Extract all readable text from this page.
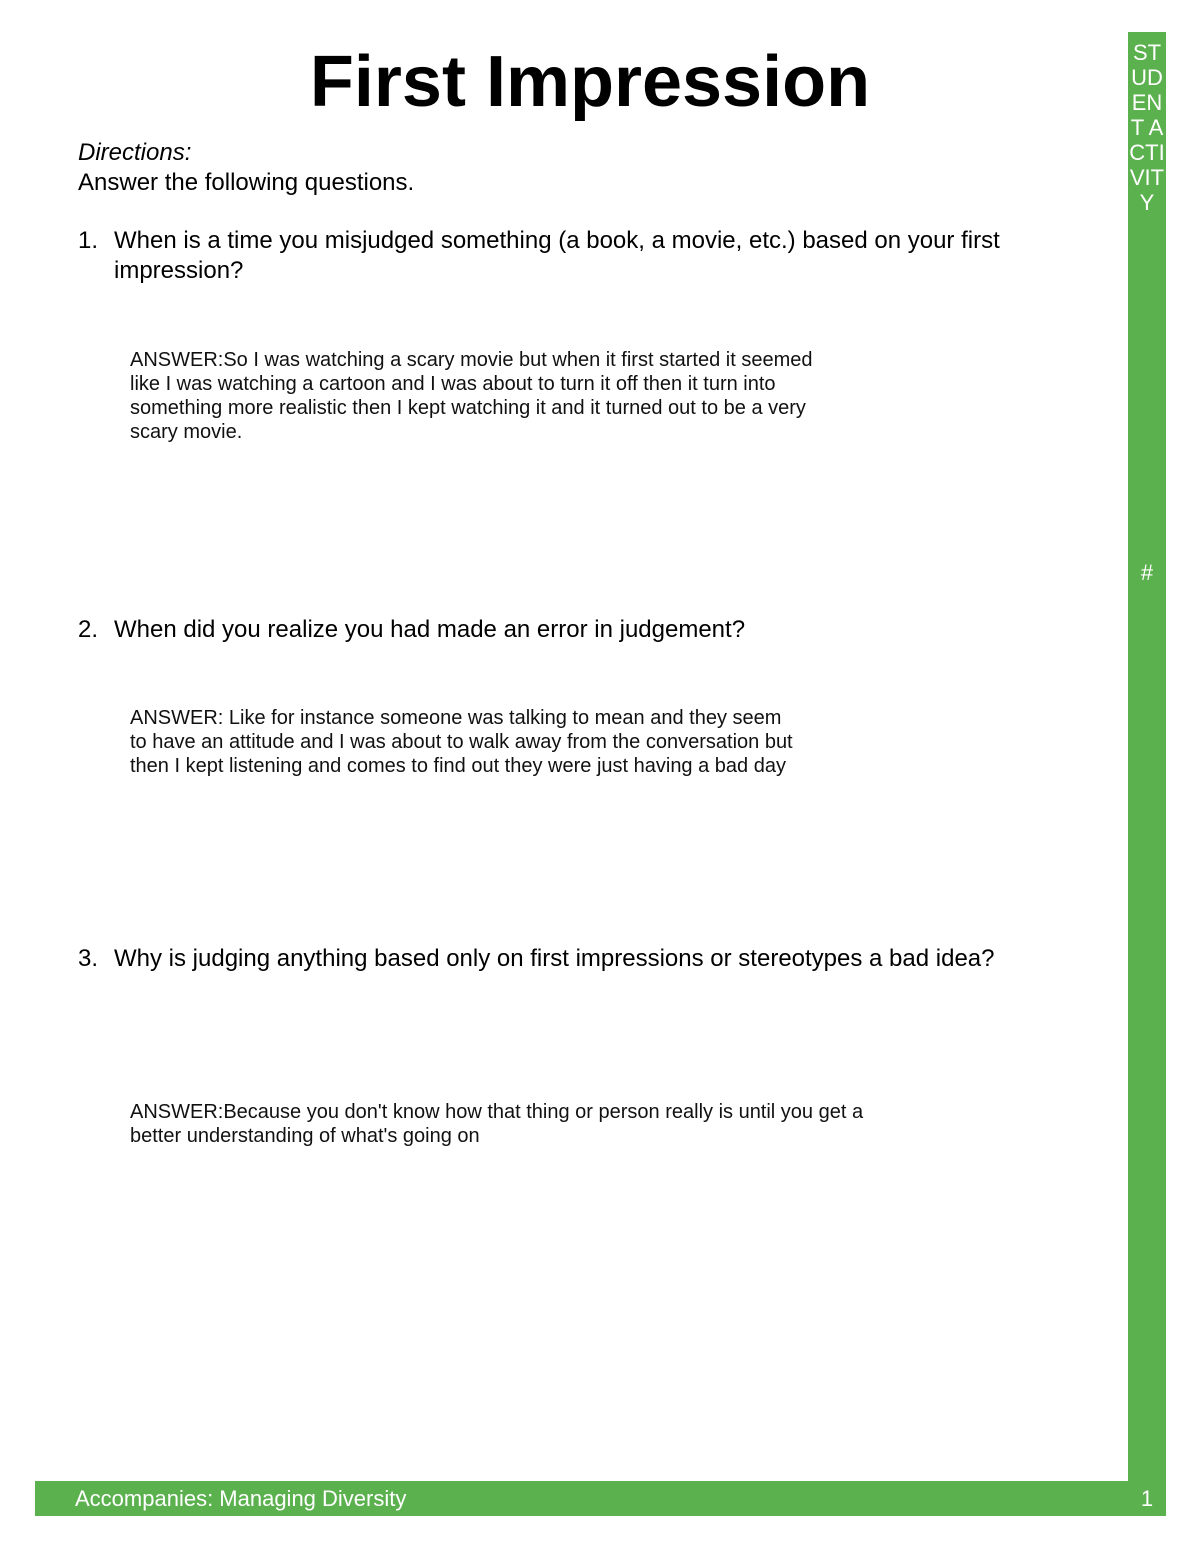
First Impression
Directions:
Answer the following questions.
1. When is a time you misjudged something (a book, a movie, etc.) based on your first impression?
ANSWER:So I was watching a scary movie but when it first started it seemed
like I was watching a cartoon and I was about to turn it off then it turn into
something more realistic then I kept watching it and it turned out to be a very
scary movie.
2. When did you realize you had made an error in judgement?
ANSWER: Like for instance someone was talking to mean and they seem
to have an attitude and I was about to walk away from the conversation but
then I kept listening and comes to find out they were just having a bad day
3. Why is judging anything based only on first impressions or stereotypes a bad idea?
ANSWER:Because you don't know how that thing or person really is until you get a
better understanding of what's going on
STUDENT ACTIVITY
#
Accompanies: Managing Diversity	1
